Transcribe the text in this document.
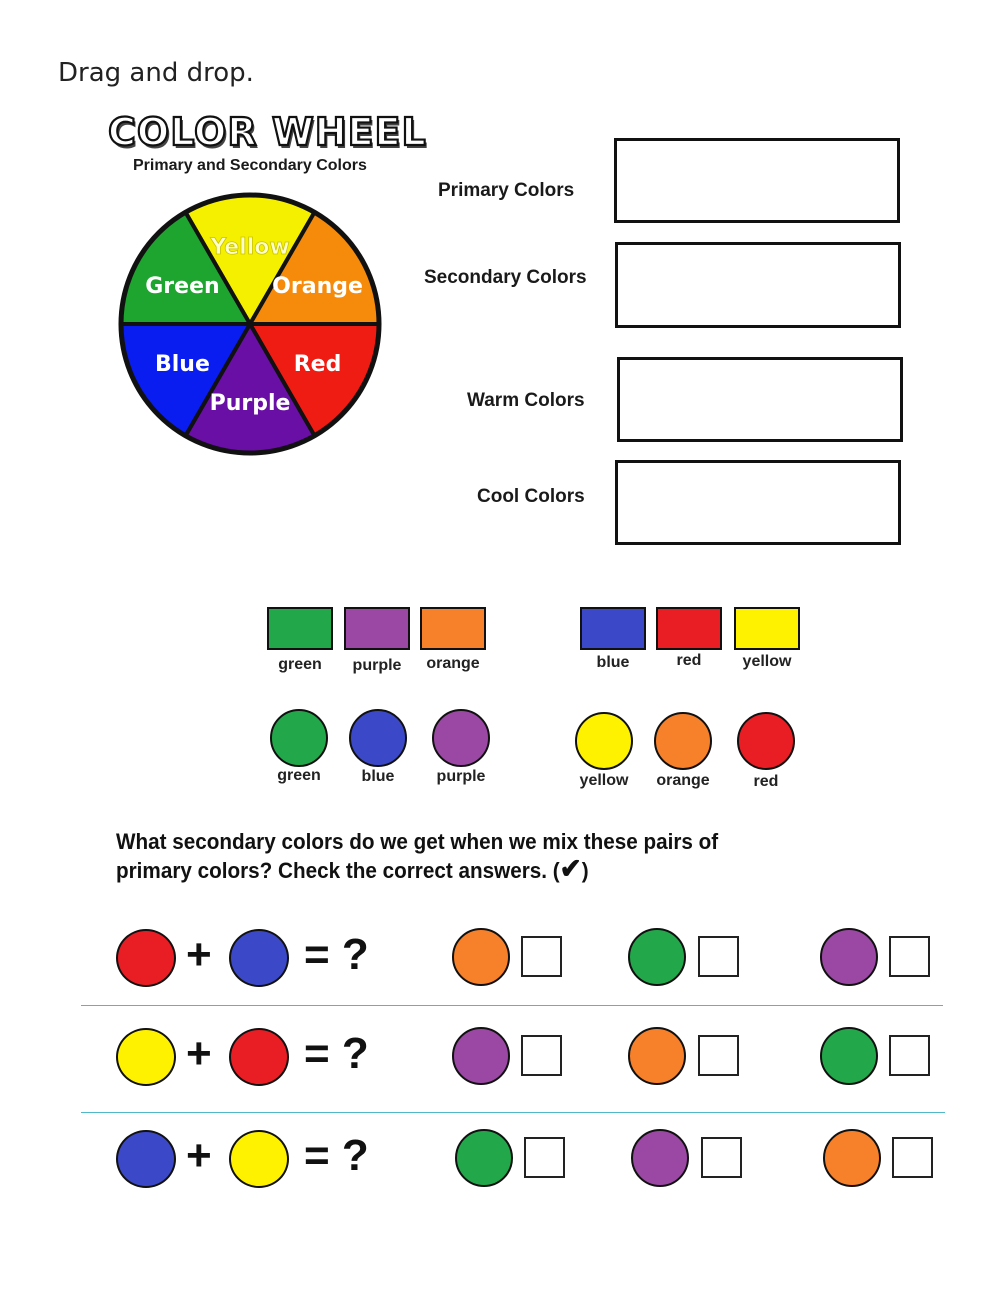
Drag and drop.
COLOR WHEEL
Primary and Secondary Colors
Yellow
Orange
Red
Purple
Blue
Green
Primary Colors
Secondary Colors
Warm Colors
Cool Colors
green	purple	orange	blue	red	yellow
green	blue	purple	yellow	orange	red
What secondary colors do we get when we mix these pairs of
primary colors? Check the correct answers. (✔)
+ = ?
+ = ?
+ = ?
